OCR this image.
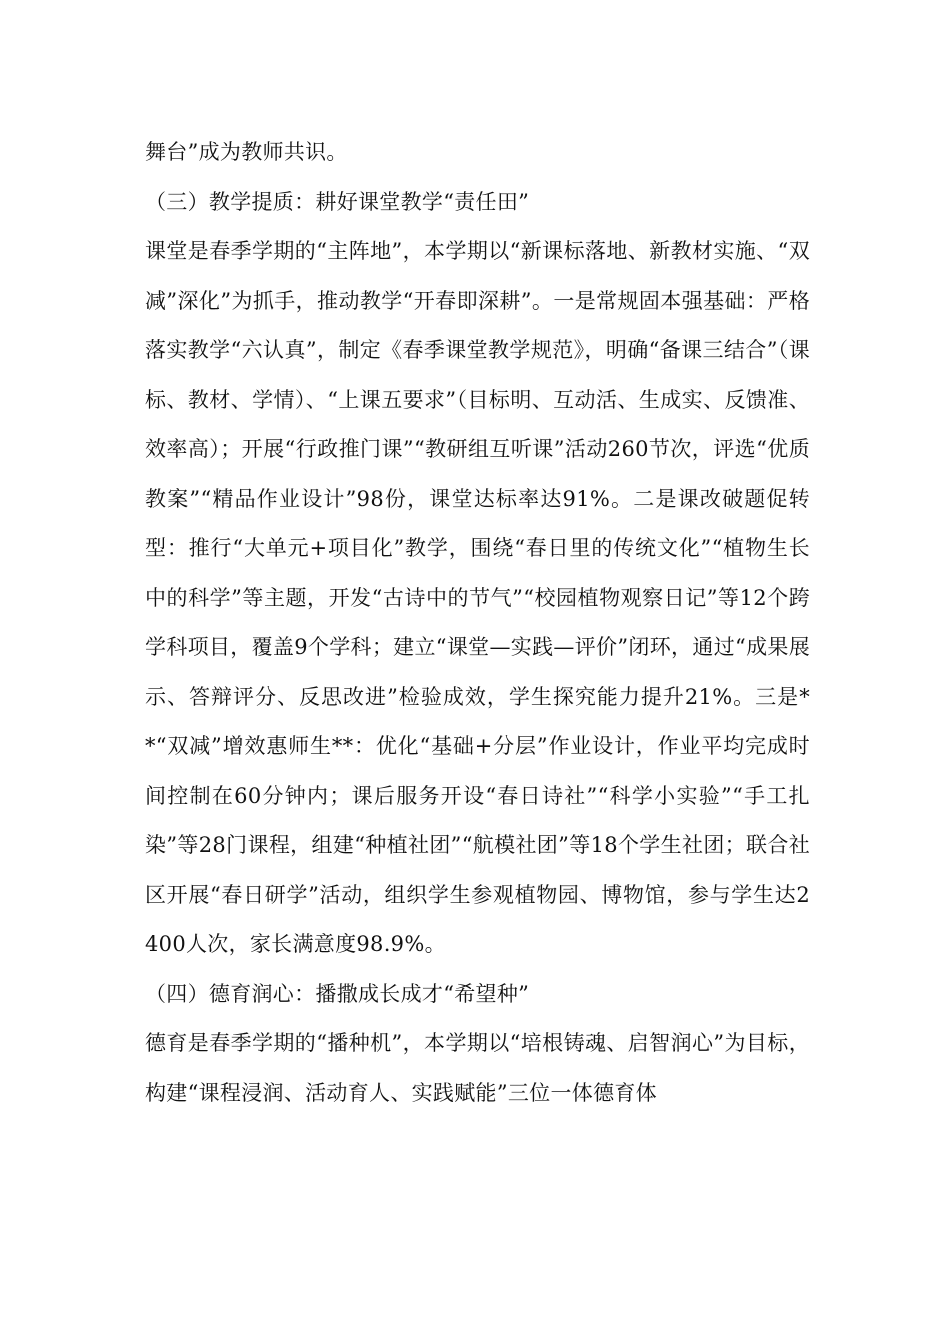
舞台”成为教师共识。

（三）教学提质：耕好课堂教学“责任田”

课堂是春季学期的“主阵地”，本学期以“新课标落地、新教材实施、“双减”深化”为抓手，推动教学“开春即深耕”。一是常规固本强基础：严格落实教学“六认真”，制定《春季课堂教学规范》，明确“备课三结合”（课标、教材、学情）、“上课五要求”（目标明、互动活、生成实、反馈准、效率高）；开展“行政推门课”“教研组互听课”活动260节次，评选“优质教案”“精品作业设计”98份，课堂达标率达91%。二是课改破题促转型：推行“大单元+项目化”教学，围绕“春日里的传统文化”“植物生长中的科学”等主题，开发“古诗中的节气”“校园植物观察日记”等12个跨学科项目，覆盖9个学科；建立“课堂—实践—评价”闭环，通过“成果展示、答辩评分、反思改进”检验成效，学生探究能力提升21%。三是**“双减”增效惠师生**：优化“基础+分层”作业设计，作业平均完成时间控制在60分钟内；课后服务开设“春日诗社”“科学小实验”“手工扎染”等28门课程，组建“种植社团”“航模社团”等18个学生社团；联合社区开展“春日研学”活动，组织学生参观植物园、博物馆，参与学生达2400人次，家长满意度98.9%。

（四）德育润心：播撒成长成才“希望种”

德育是春季学期的“播种机”，本学期以“培根铸魂、启智润心”为目标，构建“课程浸润、活动育人、实践赋能”三位一体德育体
